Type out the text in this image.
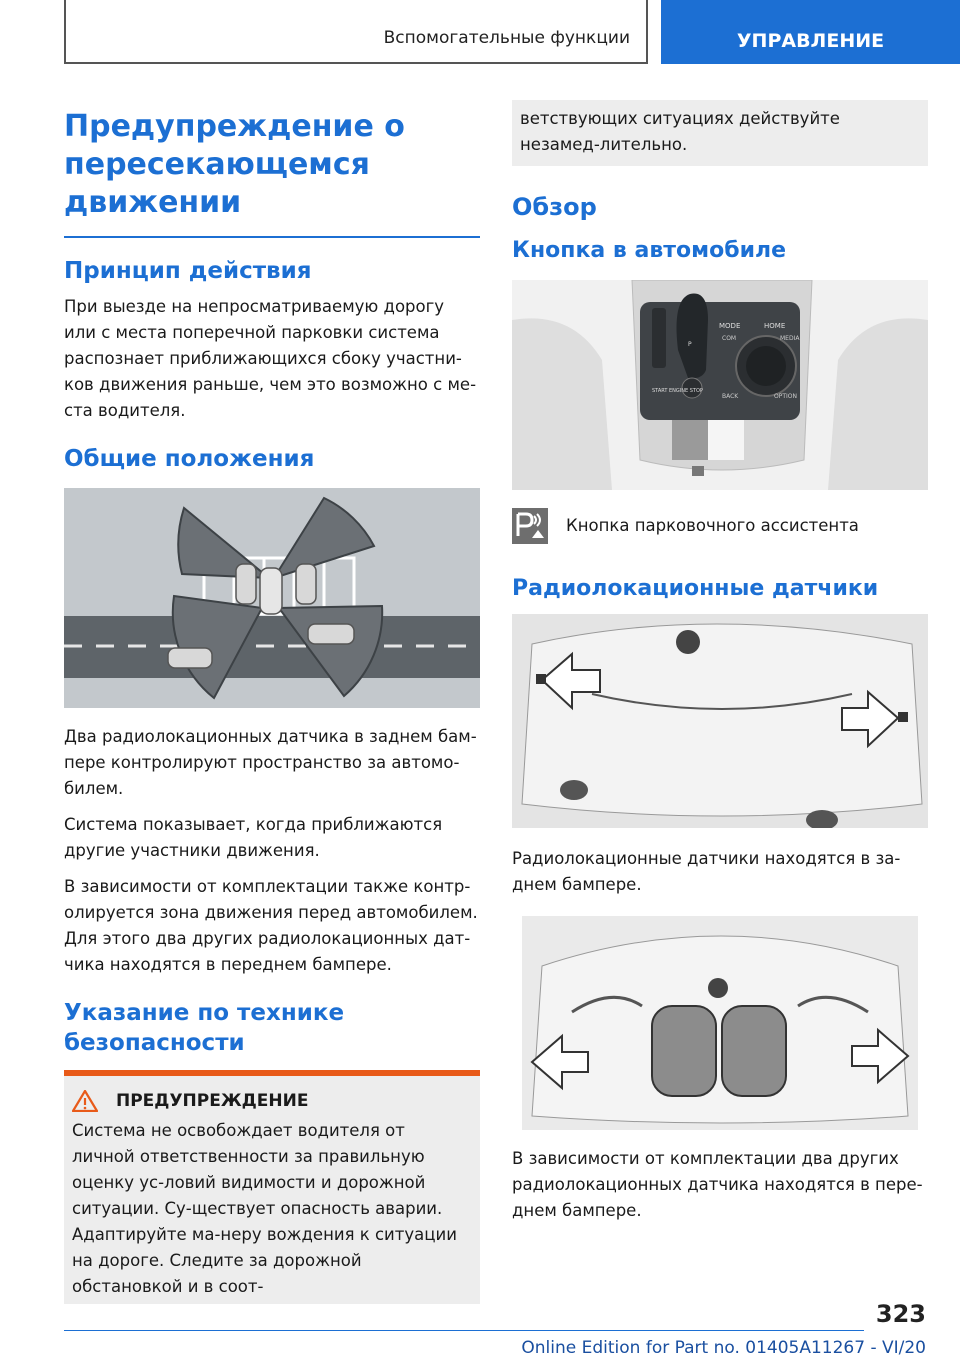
Вспомогательные функции	УПРАВЛЕНИЕ
Предупреждение о пересекающемся движении
Принцип действия

При выезде на непросматриваемую дорогу или с места поперечной парковки система распознает приближающихся сбоку участни-ков движения раньше, чем это возможно с ме-ста водителя.

Общие положения

Два радиолокационных датчика в заднем бам-пере контролируют пространство за автомо-билем.

Система показывает, когда приближаются другие участники движения.

В зависимости от комплектации также контр-олируется зона движения перед автомобилем. Для этого два других радиолокационных дат-чика находятся в переднем бампере.

Указание по технике безопасности
ПРЕДУПРЕЖДЕНИЕ

Система не освобождает водителя от личной ответственности за правильную оценку ус-ловий видимости и дорожной ситуации. Су-ществует опасность аварии. Адаптируйте ма-неру вождения к ситуации на дороге. Следите за дорожной обстановкой и в соот-

ветствующих ситуациях действуйте незамед-лительно.

Обзор
Кнопка в автомобиле
MODE	HOME
COM	MEDIA
BACK	OPTION
START ENGINE STOP
P
Кнопка парковочного ассистента
Радиолокационные датчики

Радиолокационные датчики находятся в за-днем бампере.

В зависимости от комплектации два других радиолокационных датчика находятся в пере-днем бампере.

323
Online Edition for Part no. 01405A11267 - VI/20
